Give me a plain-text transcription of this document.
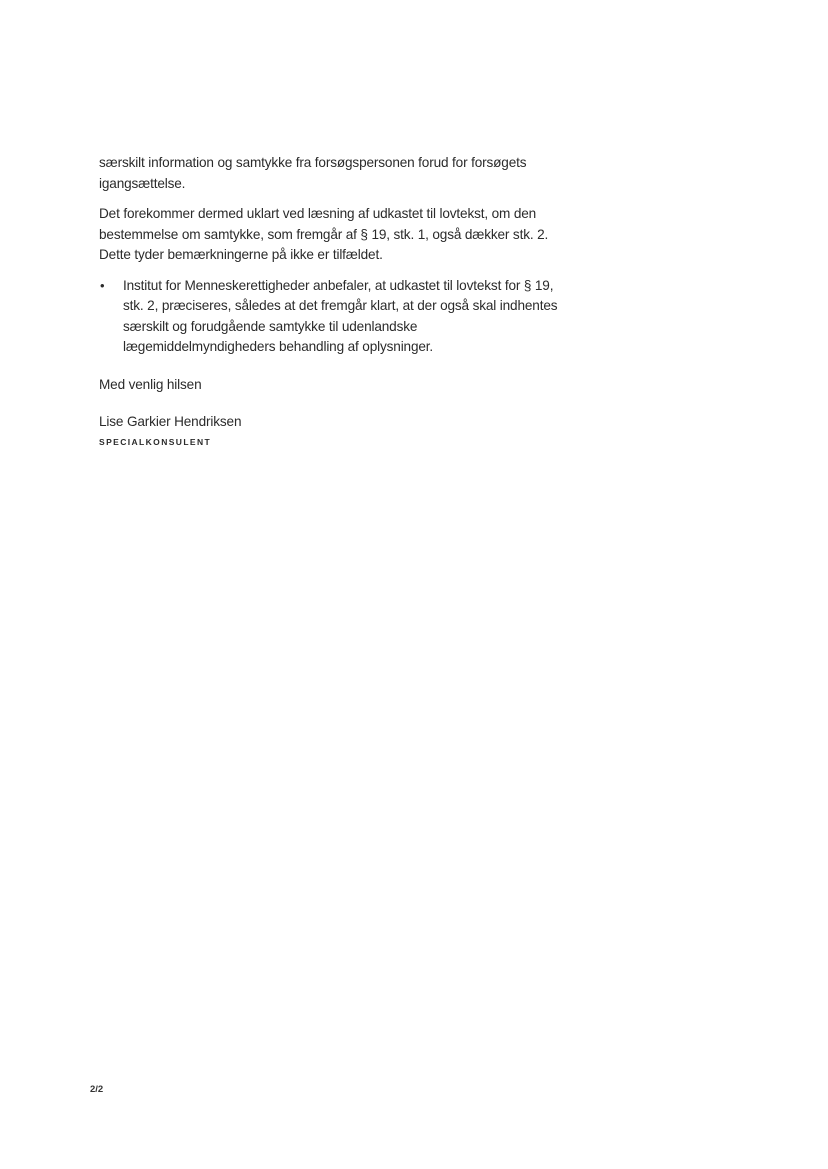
særskilt information og samtykke fra forsøgspersonen forud for forsøgets igangsættelse.

Det forekommer dermed uklart ved læsning af udkastet til lovtekst, om den bestemmelse om samtykke, som fremgår af § 19, stk. 1, også dækker stk. 2. Dette tyder bemærkningerne på ikke er tilfældet.

• Institut for Menneskerettigheder anbefaler, at udkastet til lovtekst for § 19, stk. 2, præciseres, således at det fremgår klart, at der også skal indhentes særskilt og forudgående samtykke til udenlandske lægemiddelmyndigheders behandling af oplysninger.

Med venlig hilsen

Lise Garkier Hendriksen

SPECIALKONSULENT

2/2
